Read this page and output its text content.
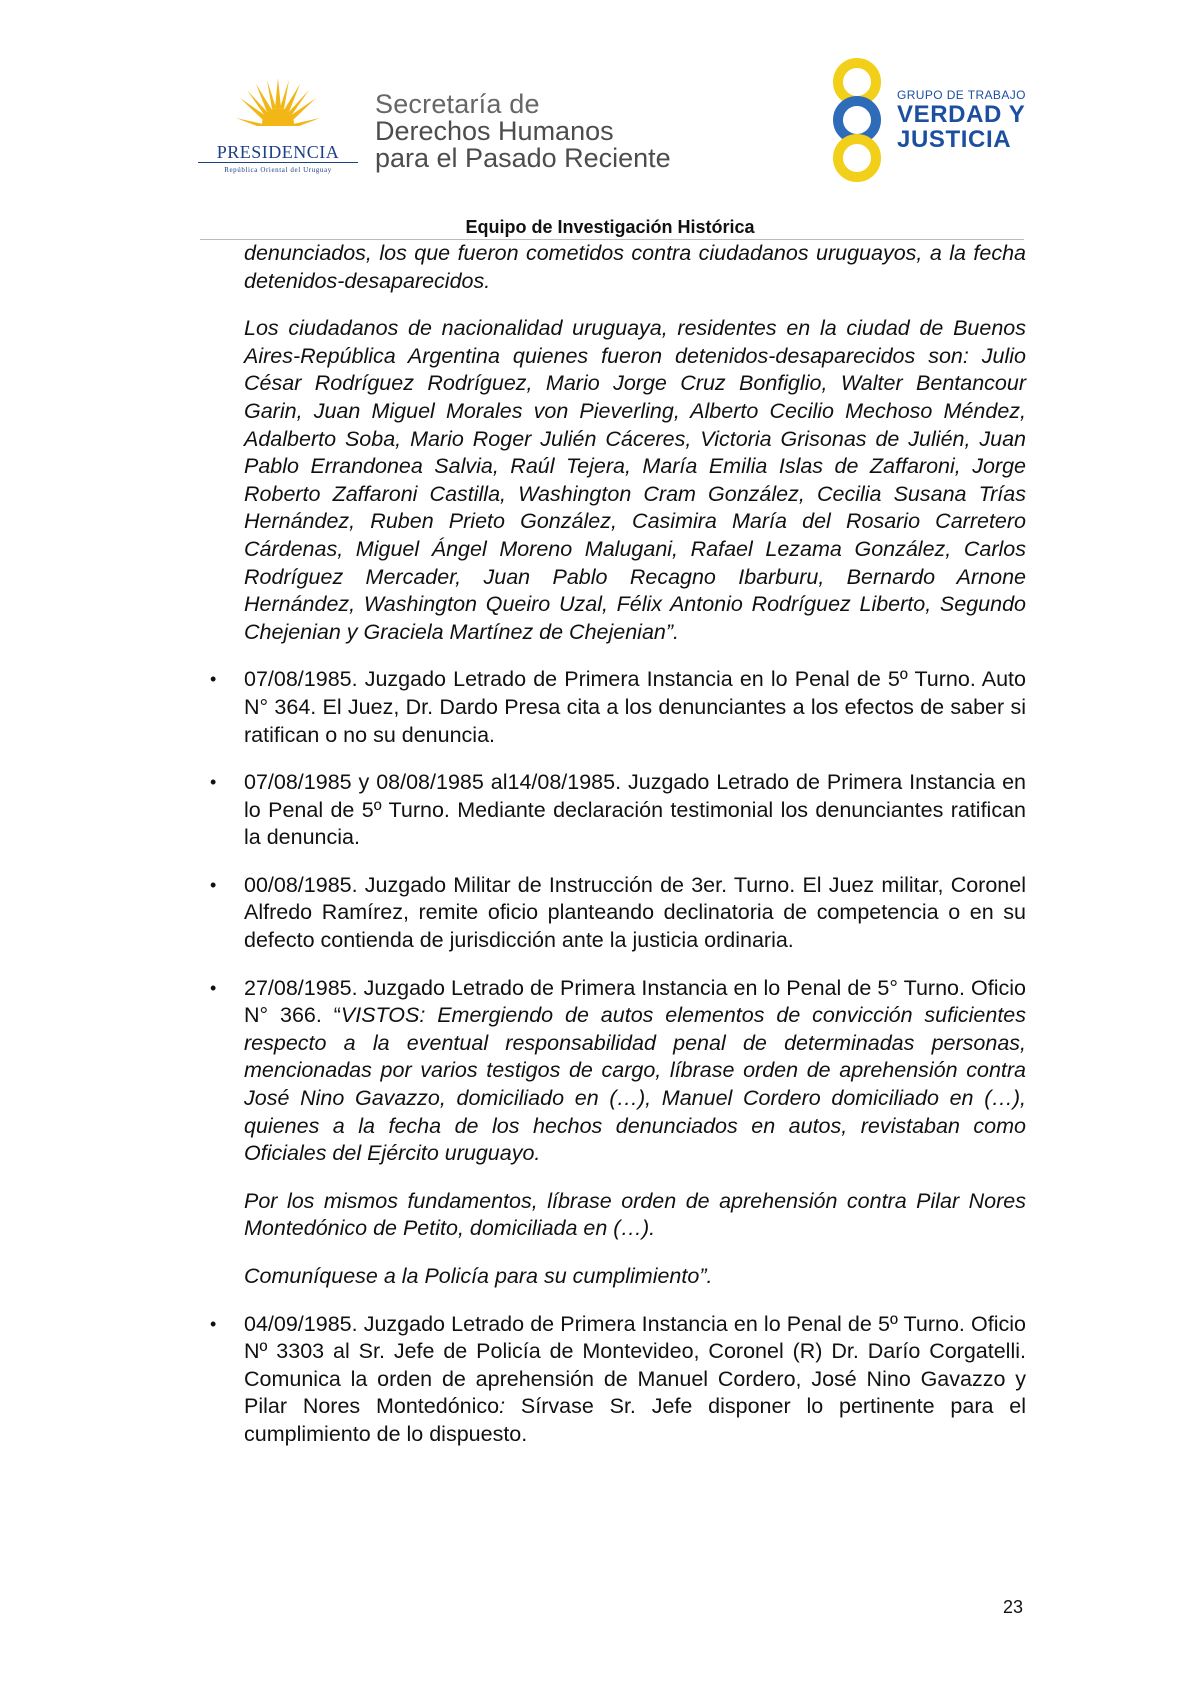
PRESIDENCIA
República Oriental del Uruguay
Secretaría de
Derechos Humanos
para el Pasado Reciente
GRUPO DE TRABAJO
VERDAD Y
JUSTICIA
Equipo de Investigación Histórica

denunciados, los que fueron cometidos contra ciudadanos uruguayos, a la fecha detenidos-desaparecidos.

Los ciudadanos de nacionalidad uruguaya, residentes en la ciudad de Buenos Aires-República Argentina quienes fueron detenidos-desaparecidos son: Julio César Rodríguez Rodríguez, Mario Jorge Cruz Bonfiglio, Walter Bentancour Garin, Juan Miguel Morales von Pieverling, Alberto Cecilio Mechoso Méndez, Adalberto Soba, Mario Roger Julién Cáceres, Victoria Grisonas de Julién, Juan Pablo Errandonea Salvia, Raúl Tejera, María Emilia Islas de Zaffaroni, Jorge Roberto Zaffaroni Castilla, Washington Cram González, Cecilia Susana Trías Hernández, Ruben Prieto González, Casimira María del Rosario Carretero Cárdenas, Miguel Ángel Moreno Malugani, Rafael Lezama González, Carlos Rodríguez Mercader, Juan Pablo Recagno Ibarburu, Bernardo Arnone Hernández, Washington Queiro Uzal, Félix Antonio Rodríguez Liberto, Segundo Chejenian y Graciela Martínez de Chejenian”.

• 07/08/1985. Juzgado Letrado de Primera Instancia en lo Penal de 5º Turno. Auto N° 364. El Juez, Dr. Dardo Presa cita a los denunciantes a los efectos de saber si ratifican o no su denuncia.

• 07/08/1985 y 08/08/1985 al14/08/1985. Juzgado Letrado de Primera Instancia en lo Penal de 5º Turno. Mediante declaración testimonial los denunciantes ratifican la denuncia.

• 00/08/1985. Juzgado Militar de Instrucción de 3er. Turno. El Juez militar, Coronel Alfredo Ramírez, remite oficio planteando declinatoria de competencia o en su defecto contienda de jurisdicción ante la justicia ordinaria.

• 27/08/1985. Juzgado Letrado de Primera Instancia en lo Penal de 5° Turno. Oficio N° 366. “VISTOS: Emergiendo de autos elementos de convicción suficientes respecto a la eventual responsabilidad penal de determinadas personas, mencionadas por varios testigos de cargo, líbrase orden de aprehensión contra José Nino Gavazzo, domiciliado en (…), Manuel Cordero domiciliado en (…), quienes a la fecha de los hechos denunciados en autos, revistaban como Oficiales del Ejército uruguayo.

Por los mismos fundamentos, líbrase orden de aprehensión contra Pilar Nores Montedónico de Petito, domiciliada en (…).

Comuníquese a la Policía para su cumplimiento”.

• 04/09/1985. Juzgado Letrado de Primera Instancia en lo Penal de 5º Turno. Oficio Nº 3303 al Sr. Jefe de Policía de Montevideo, Coronel (R) Dr. Darío Corgatelli. Comunica la orden de aprehensión de Manuel Cordero, José Nino Gavazzo y Pilar Nores Montedónico: Sírvase Sr. Jefe disponer lo pertinente para el cumplimiento de lo dispuesto.

23
